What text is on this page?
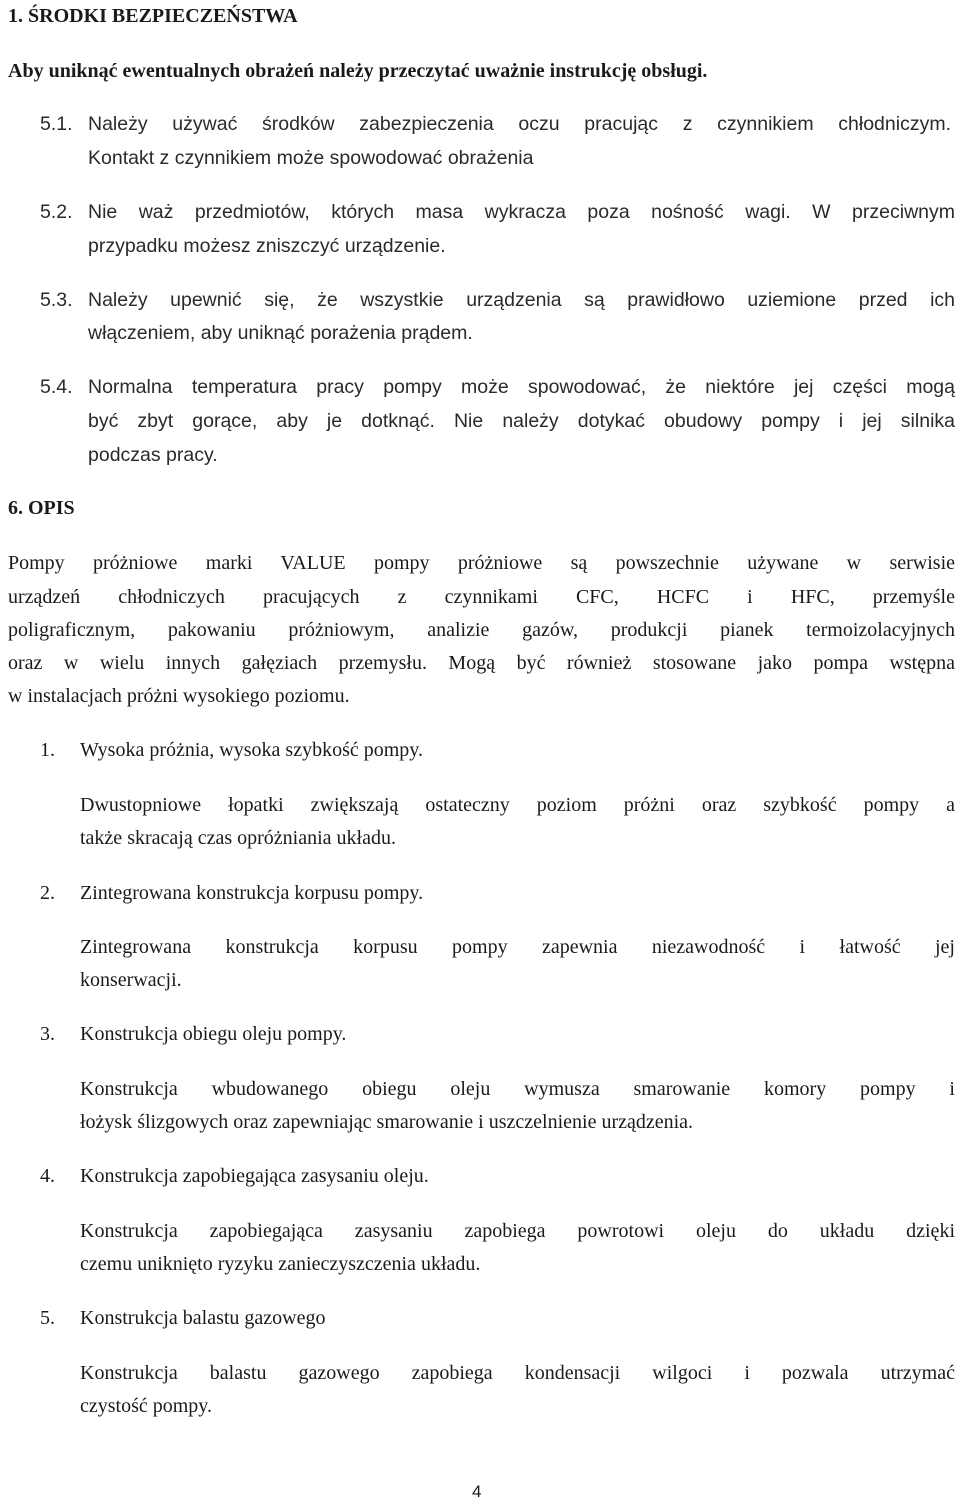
1. ŚRODKI BEZPIECZEŃSTWA
Aby uniknąć ewentualnych obrażeń należy przeczytać uważnie instrukcję obsługi.
5.1. Należy używać środków zabezpieczenia oczu pracując z czynnikiem chłodniczym.
Kontakt z czynnikiem może spowodować obrażenia
5.2. Nie waż przedmiotów, których masa wykracza poza nośność wagi. W przeciwnym
przypadku możesz zniszczyć urządzenie.
5.3. Należy upewnić się, że wszystkie urządzenia są prawidłowo uziemione przed ich
włączeniem, aby uniknąć porażenia prądem.
5.4. Normalna temperatura pracy pompy może spowodować, że niektóre jej części mogą
być zbyt gorące, aby je dotknąć. Nie należy dotykać obudowy pompy i jej silnika
podczas pracy.
6. OPIS
Pompy próżniowe marki VALUE pompy próżniowe są powszechnie używane w serwisie
urządzeń chłodniczych pracujących z czynnikami CFC, HCFC i HFC, przemyśle
poligraficznym, pakowaniu próżniowym, analizie gazów, produkcji pianek termoizolacyjnych
oraz w wielu innych gałęziach przemysłu. Mogą być również stosowane jako pompa wstępna
w instalacjach próżni wysokiego poziomu.
1. Wysoka próżnia, wysoka szybkość pompy.
Dwustopniowe łopatki zwiększają ostateczny poziom próżni oraz szybkość pompy a
także skracają czas opróżniania układu.
2. Zintegrowana konstrukcja korpusu pompy.
Zintegrowana konstrukcja korpusu pompy zapewnia niezawodność i łatwość jej
konserwacji.
3. Konstrukcja obiegu oleju pompy.
Konstrukcja wbudowanego obiegu oleju wymusza smarowanie komory pompy i
łożysk ślizgowych oraz zapewniając smarowanie i uszczelnienie urządzenia.
4. Konstrukcja zapobiegająca zasysaniu oleju.
Konstrukcja zapobiegająca zasysaniu zapobiega powrotowi oleju do układu dzięki
czemu uniknięto ryzyku zanieczyszczenia układu.
5. Konstrukcja balastu gazowego
Konstrukcja balastu gazowego zapobiega kondensacji wilgoci i pozwala utrzymać
czystość pompy.
4
